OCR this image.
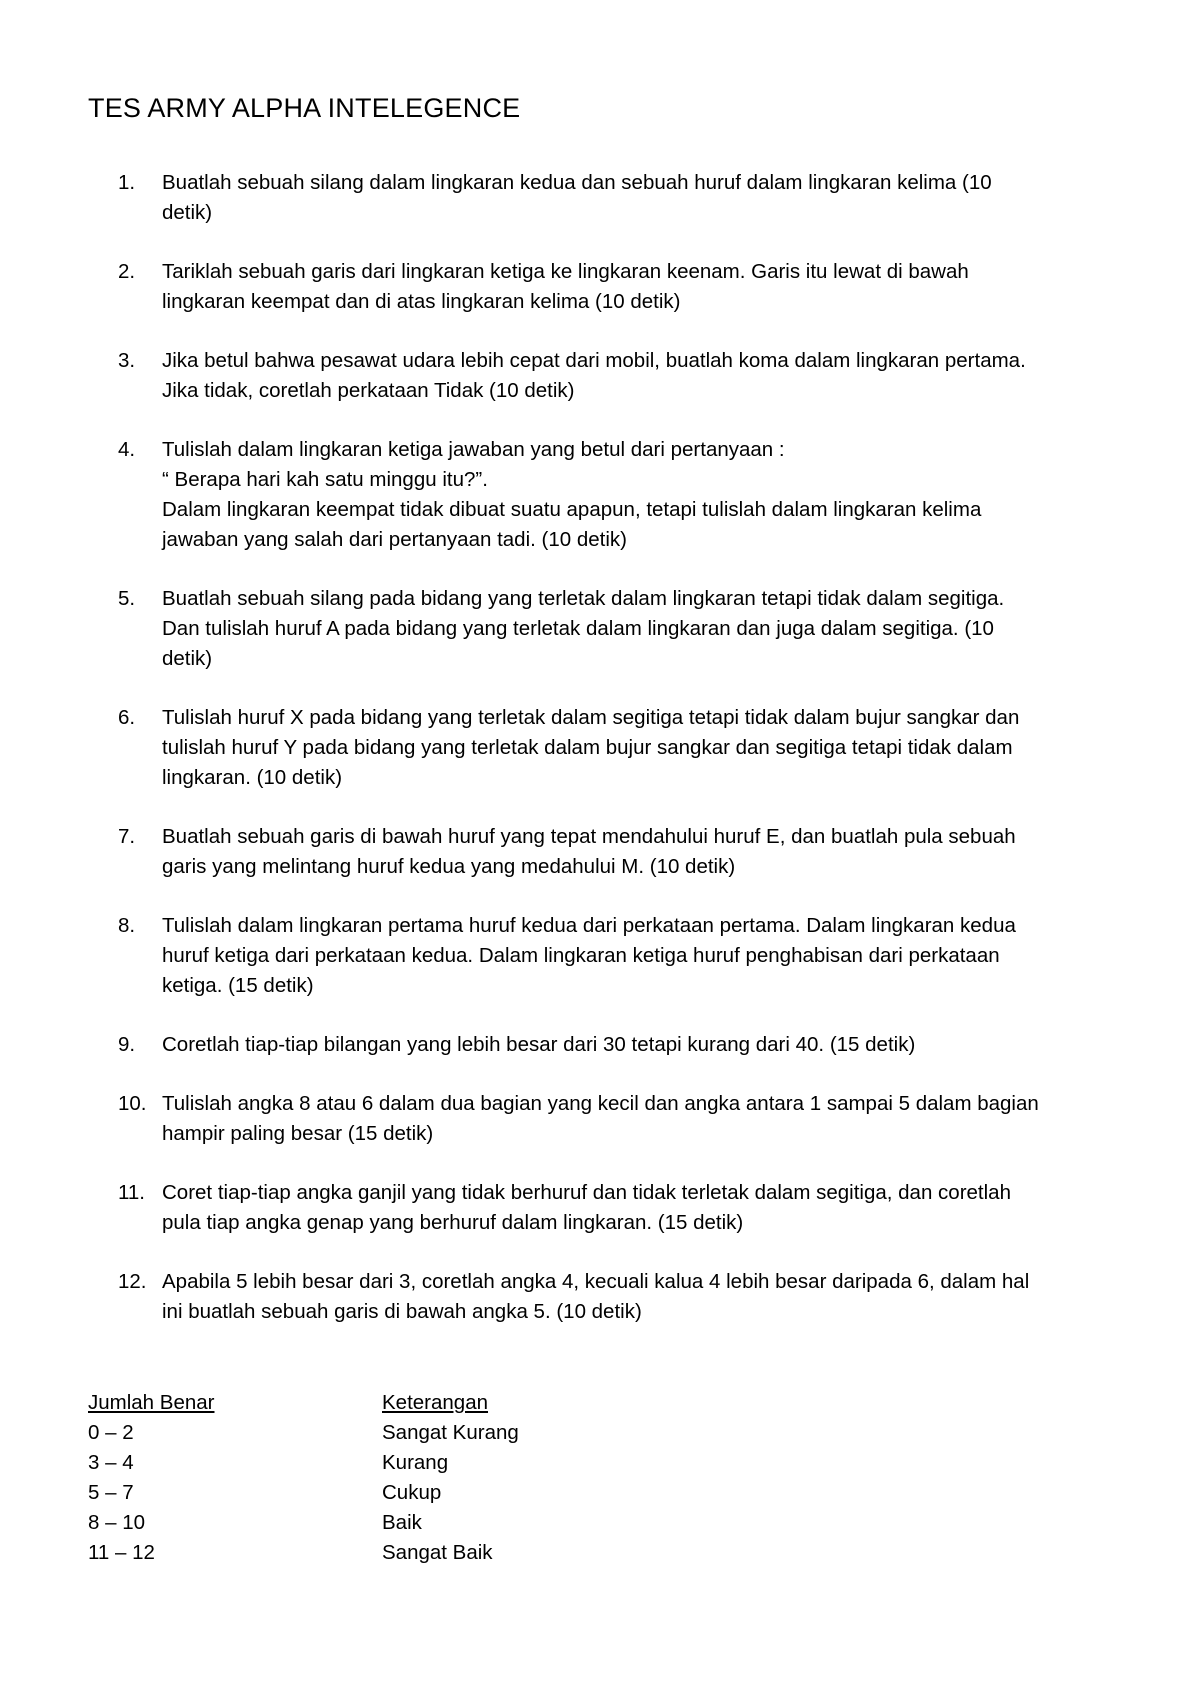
TES ARMY ALPHA INTELEGENCE
1.	Buatlah sebuah silang dalam lingkaran kedua dan sebuah huruf dalam lingkaran kelima (10
detik)
2.	Tariklah sebuah garis dari lingkaran ketiga ke lingkaran keenam. Garis itu lewat di bawah
lingkaran keempat dan di atas lingkaran kelima (10 detik)
3.	Jika betul bahwa pesawat udara lebih cepat dari mobil, buatlah koma dalam lingkaran pertama.
Jika tidak, coretlah perkataan Tidak (10 detik)
4.	Tulislah dalam lingkaran ketiga jawaban yang betul dari pertanyaan :
“ Berapa hari kah satu minggu itu?”.
Dalam lingkaran keempat tidak dibuat suatu apapun, tetapi tulislah dalam lingkaran kelima
jawaban yang salah dari pertanyaan tadi. (10 detik)
5.	Buatlah sebuah silang pada bidang yang terletak dalam lingkaran tetapi tidak dalam segitiga.
Dan tulislah huruf A pada bidang yang terletak dalam lingkaran dan juga dalam segitiga. (10
detik)
6.	Tulislah huruf X pada bidang yang terletak dalam segitiga tetapi tidak dalam bujur sangkar dan
tulislah huruf Y pada bidang yang terletak dalam bujur sangkar dan segitiga tetapi tidak dalam
lingkaran. (10 detik)
7.	Buatlah sebuah garis di bawah huruf yang tepat mendahului huruf E, dan buatlah pula sebuah
garis yang melintang huruf kedua yang medahului M. (10 detik)
8.	Tulislah dalam lingkaran pertama huruf kedua dari perkataan pertama. Dalam lingkaran kedua
huruf ketiga dari perkataan kedua. Dalam lingkaran ketiga huruf penghabisan dari perkataan
ketiga. (15 detik)
9.	Coretlah tiap-tiap bilangan yang lebih besar dari 30 tetapi kurang dari 40. (15 detik)
10. Tulislah angka 8 atau 6 dalam dua bagian yang kecil dan angka antara 1 sampai 5 dalam bagian
hampir paling besar (15 detik)
11. Coret tiap-tiap angka ganjil yang tidak berhuruf dan tidak terletak dalam segitiga, dan coretlah
pula tiap angka genap yang berhuruf dalam lingkaran. (15 detik)
12. Apabila 5 lebih besar dari 3, coretlah angka 4, kecuali kalua 4 lebih besar daripada 6, dalam hal
ini buatlah sebuah garis di bawah angka 5. (10 detik)
Jumlah Benar	Keterangan
0 – 2	Sangat Kurang
3 – 4	Kurang
5 – 7	Cukup
8 – 10	Baik
11 – 12	Sangat Baik
